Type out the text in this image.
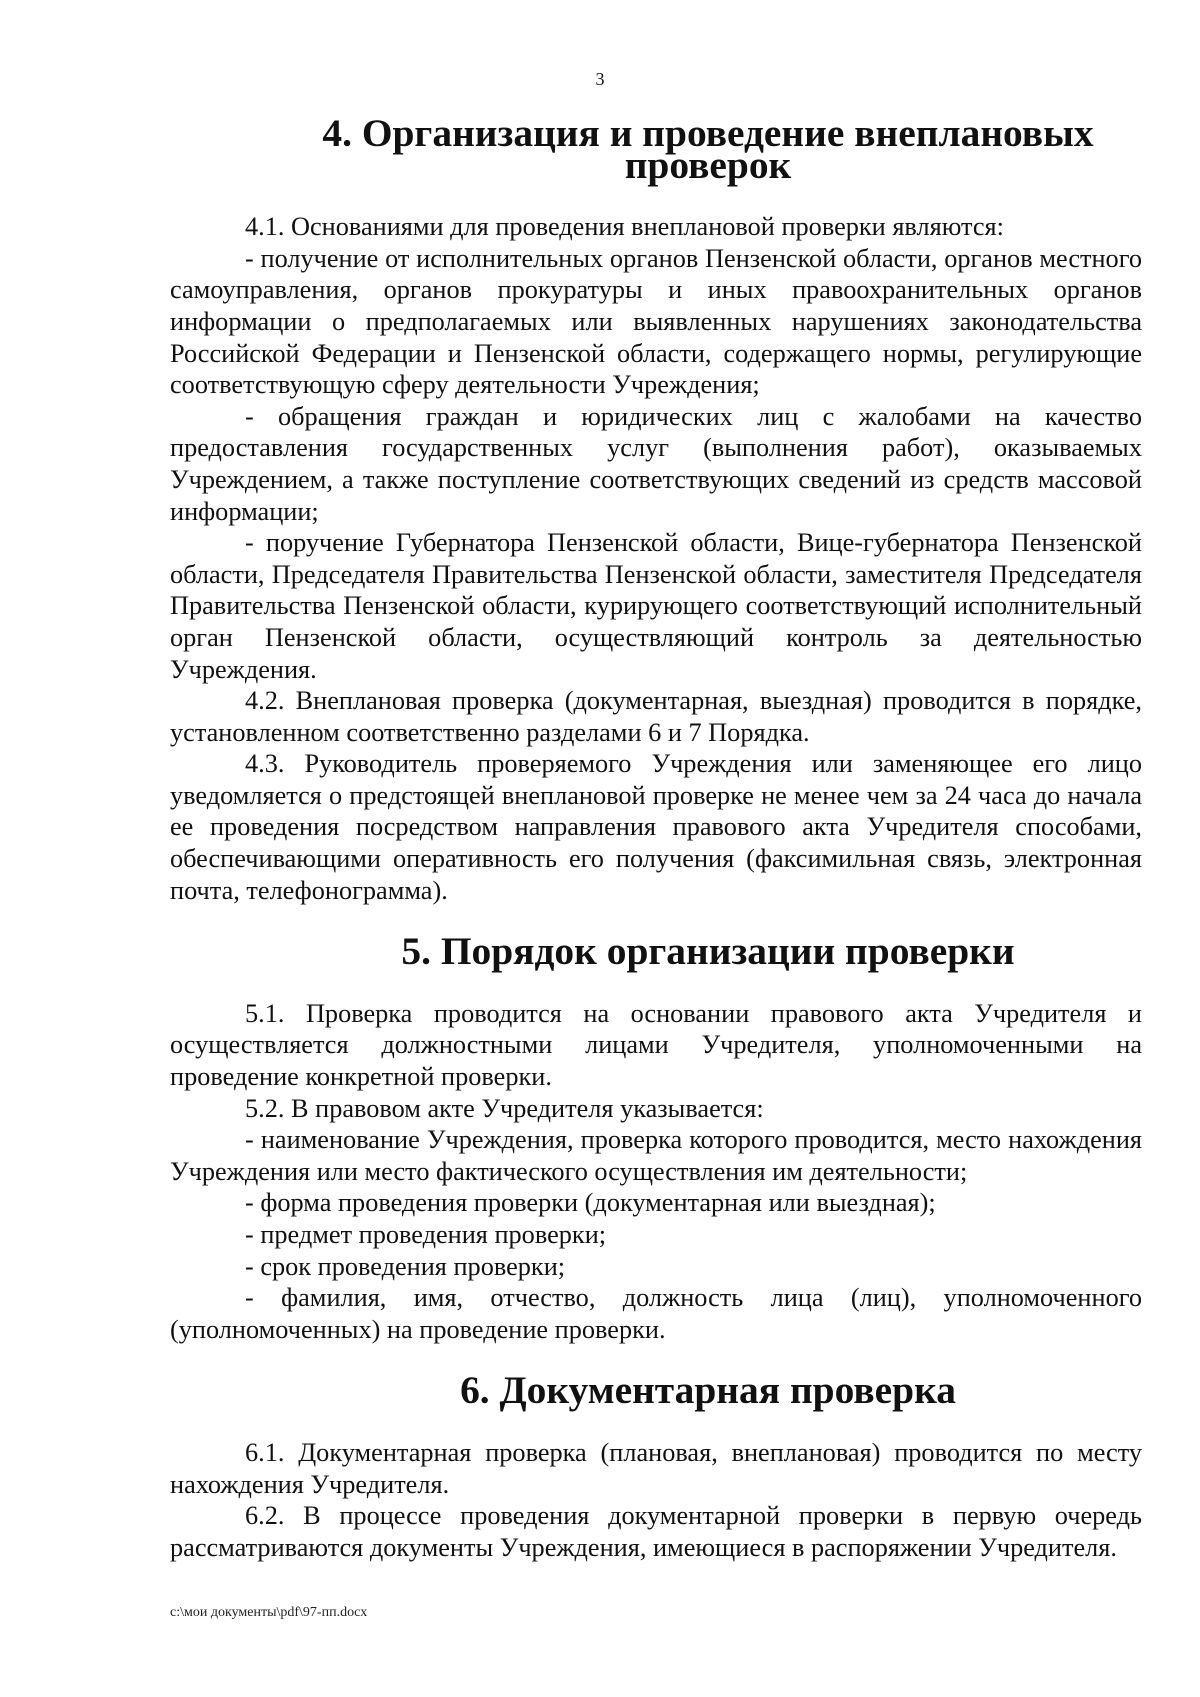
3
4. Организация и проведение внеплановых проверок

4.1. Основаниями для проведения внеплановой проверки являются:

- получение от исполнительных органов Пензенской области, органов местного самоуправления, органов прокуратуры и иных правоохранительных органов информации о предполагаемых или выявленных нарушениях законодательства Российской Федерации и Пензенской области, содержащего нормы, регулирующие соответствующую сферу деятельности Учреждения;

- обращения граждан и юридических лиц с жалобами на качество предоставления государственных услуг (выполнения работ), оказываемых Учреждением, а также поступление соответствующих сведений из средств массовой информации;

- поручение Губернатора Пензенской области, Вице-губернатора Пензенской области, Председателя Правительства Пензенской области, заместителя Председателя Правительства Пензенской области, курирующего соответствующий исполнительный орган Пензенской области, осуществляющий контроль за деятельностью Учреждения.

4.2. Внеплановая проверка (документарная, выездная) проводится в порядке, установленном соответственно разделами 6 и 7 Порядка.

4.3. Руководитель проверяемого Учреждения или заменяющее его лицо уведомляется о предстоящей внеплановой проверке не менее чем за 24 часа до начала ее проведения посредством направления правового акта Учредителя способами, обеспечивающими оперативность его получения (факсимильная связь, электронная почта, телефонограмма).

5. Порядок организации проверки

5.1. Проверка проводится на основании правового акта Учредителя и осуществляется должностными лицами Учредителя, уполномоченными на проведение конкретной проверки.

5.2. В правовом акте Учредителя указывается:

- наименование Учреждения, проверка которого проводится, место нахождения Учреждения или место фактического осуществления им деятельности;

- форма проведения проверки (документарная или выездная);

- предмет проведения проверки;

- срок проведения проверки;

- фамилия, имя, отчество, должность лица (лиц), уполномоченного (уполномоченных) на проведение проверки.

6. Документарная проверка

6.1. Документарная проверка (плановая, внеплановая) проводится по месту нахождения Учредителя.

6.2. В процессе проведения документарной проверки в первую очередь рассматриваются документы Учреждения, имеющиеся в распоряжении Учредителя.

c:\мои документы\pdf\97-пп.docx
